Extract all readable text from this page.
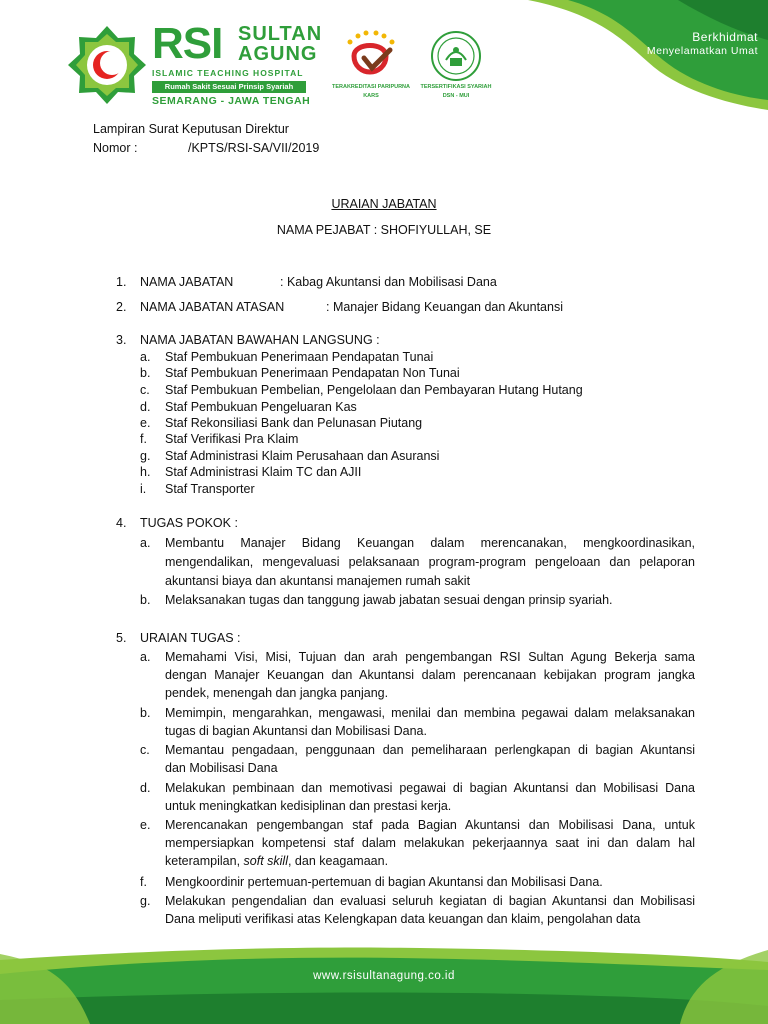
RSI SULTAN
AGUNG
ISLAMIC TEACHING HOSPITAL
Rumah Sakit Sesuai Prinsip Syariah
SEMARANG - JAWA TENGAH
TERAKREDITASI PARIPURNA
KARS
TERSERTIFIKASI SYARIAH
DSN - MUI
Berkhidmat
Menyelamatkan Umat
Lampiran Surat Keputusan Direktur
Nomor :	/KPTS/RSI-SA/VII/2019
URAIAN JABATAN
NAMA PEJABAT : SHOFIYULLAH, SE
1. NAMA JABATAN	: Kabag Akuntansi dan Mobilisasi Dana
2. NAMA JABATAN ATASAN	: Manajer Bidang Keuangan dan Akuntansi
3. NAMA JABATAN BAWAHAN LANGSUNG :
a. Staf Pembukuan Penerimaan Pendapatan Tunai
b. Staf Pembukuan Penerimaan Pendapatan Non Tunai
c. Staf Pembukuan Pembelian, Pengelolaan dan Pembayaran Hutang Hutang
d. Staf Pembukuan Pengeluaran Kas
e. Staf Rekonsiliasi Bank dan Pelunasan Piutang
f. Staf Verifikasi Pra Klaim
g. Staf Administrasi Klaim Perusahaan dan Asuransi
h. Staf Administrasi Klaim TC dan AJII
i. Staf Transporter
4. TUGAS POKOK :
a. Membantu Manajer Bidang Keuangan dalam merencanakan, mengkoordinasikan,
mengendalikan, mengevaluasi pelaksanaan program-program pengeloaan dan pelaporan
akuntansi biaya dan akuntansi manajemen rumah sakit
b. Melaksanakan tugas dan tanggung jawab jabatan sesuai dengan prinsip syariah.
5. URAIAN TUGAS :
a. Memahami Visi, Misi, Tujuan dan arah pengembangan RSI Sultan Agung Bekerja sama
dengan Manajer Keuangan dan Akuntansi dalam perencanaan kebijakan program jangka
pendek, menengah dan jangka panjang.
b. Memimpin, mengarahkan, mengawasi, menilai dan membina pegawai dalam melaksanakan
tugas di bagian Akuntansi dan Mobilisasi Dana.
c. Memantau pengadaan, penggunaan dan pemeliharaan perlengkapan di bagian Akuntansi
dan Mobilisasi Dana
d. Melakukan pembinaan dan memotivasi pegawai di bagian Akuntansi dan Mobilisasi Dana
untuk meningkatkan kedisiplinan dan prestasi kerja.
e. Merencanakan pengembangan staf pada Bagian Akuntansi dan Mobilisasi Dana, untuk
mempersiapkan kompetensi staf dalam melakukan pekerjaannya saat ini dan dalam hal
keterampilan, soft skill, dan keagamaan.
f. Mengkoordinir pertemuan-pertemuan di bagian Akuntansi dan Mobilisasi Dana.
g. Melakukan pengendalian dan evaluasi seluruh kegiatan di bagian Akuntansi dan Mobilisasi
Dana meliputi verifikasi atas Kelengkapan data keuangan dan klaim, pengolahan data
www.rsisultanagung.co.id
